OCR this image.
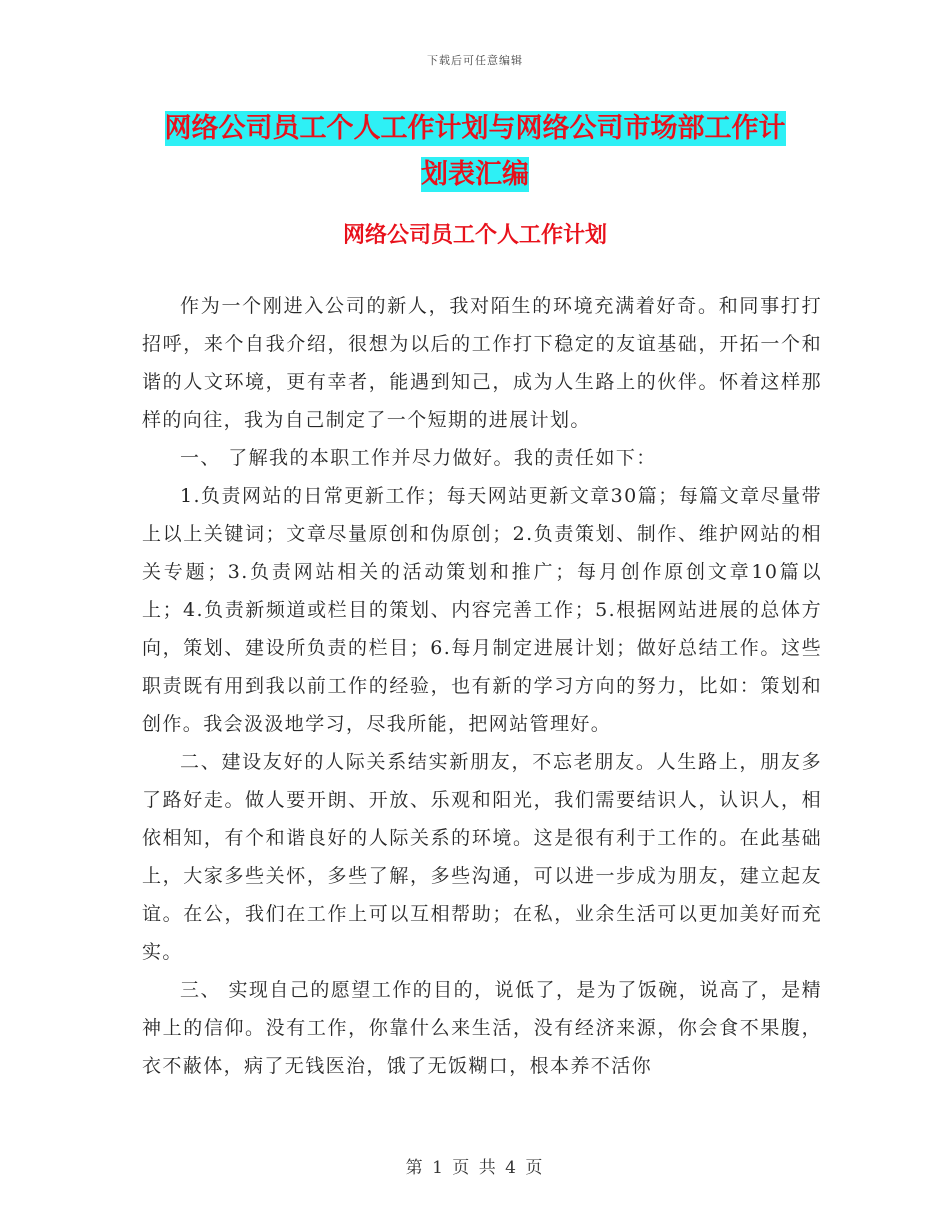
下载后可任意编辑
网络公司员工个人工作计划与网络公司市场部工作计
划表汇编
网络公司员工个人工作计划

作为一个刚进入公司的新人，我对陌生的环境充满着好奇。和同事打打招呼，来个自我介绍，很想为以后的工作打下稳定的友谊基础，开拓一个和谐的人文环境，更有幸者，能遇到知己，成为人生路上的伙伴。怀着这样那样的向往，我为自己制定了一个短期的进展计划。

一、 了解我的本职工作并尽力做好。我的责任如下：

1.负责网站的日常更新工作；每天网站更新文章30篇；每篇文章尽量带上以上关键词；文章尽量原创和伪原创；2.负责策划、制作、维护网站的相关专题；3.负责网站相关的活动策划和推广；每月创作原创文章10篇以上；4.负责新频道或栏目的策划、内容完善工作；5.根据网站进展的总体方向，策划、建设所负责的栏目；6.每月制定进展计划；做好总结工作。这些职责既有用到我以前工作的经验，也有新的学习方向的努力，比如：策划和创作。我会汲汲地学习，尽我所能，把网站管理好。

二、建设友好的人际关系结实新朋友，不忘老朋友。人生路上，朋友多了路好走。做人要开朗、开放、乐观和阳光，我们需要结识人，认识人，相依相知，有个和谐良好的人际关系的环境。这是很有利于工作的。在此基础上，大家多些关怀，多些了解，多些沟通，可以进一步成为朋友，建立起友谊。在公，我们在工作上可以互相帮助；在私，业余生活可以更加美好而充实。

三、 实现自己的愿望工作的目的，说低了，是为了饭碗，说高了，是精神上的信仰。没有工作，你靠什么来生活，没有经济来源，你会食不果腹，衣不蔽体，病了无钱医治，饿了无饭糊口，根本养不活你

第 1 页 共 4 页
